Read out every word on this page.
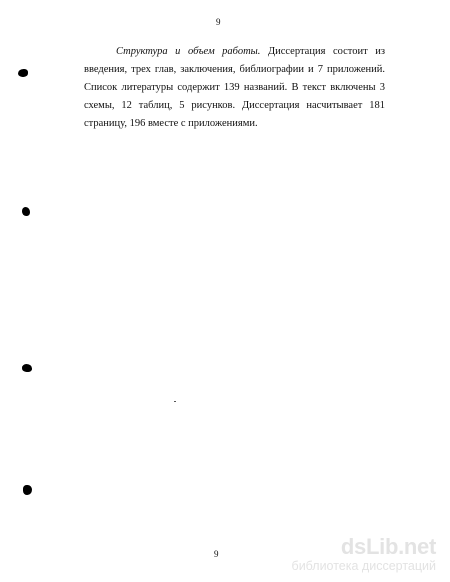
9

Структура и объем работы. Диссертация состоит из введения, трех глав, заключения, библиографии и 7 приложений. Список литературы содержит 139 названий. В текст включены 3 схемы, 12 таблиц, 5 рисунков. Диссертация насчитывает 181 страницу, 196 вместе с приложениями.

9	dsLib.net
библиотека диссертаций
